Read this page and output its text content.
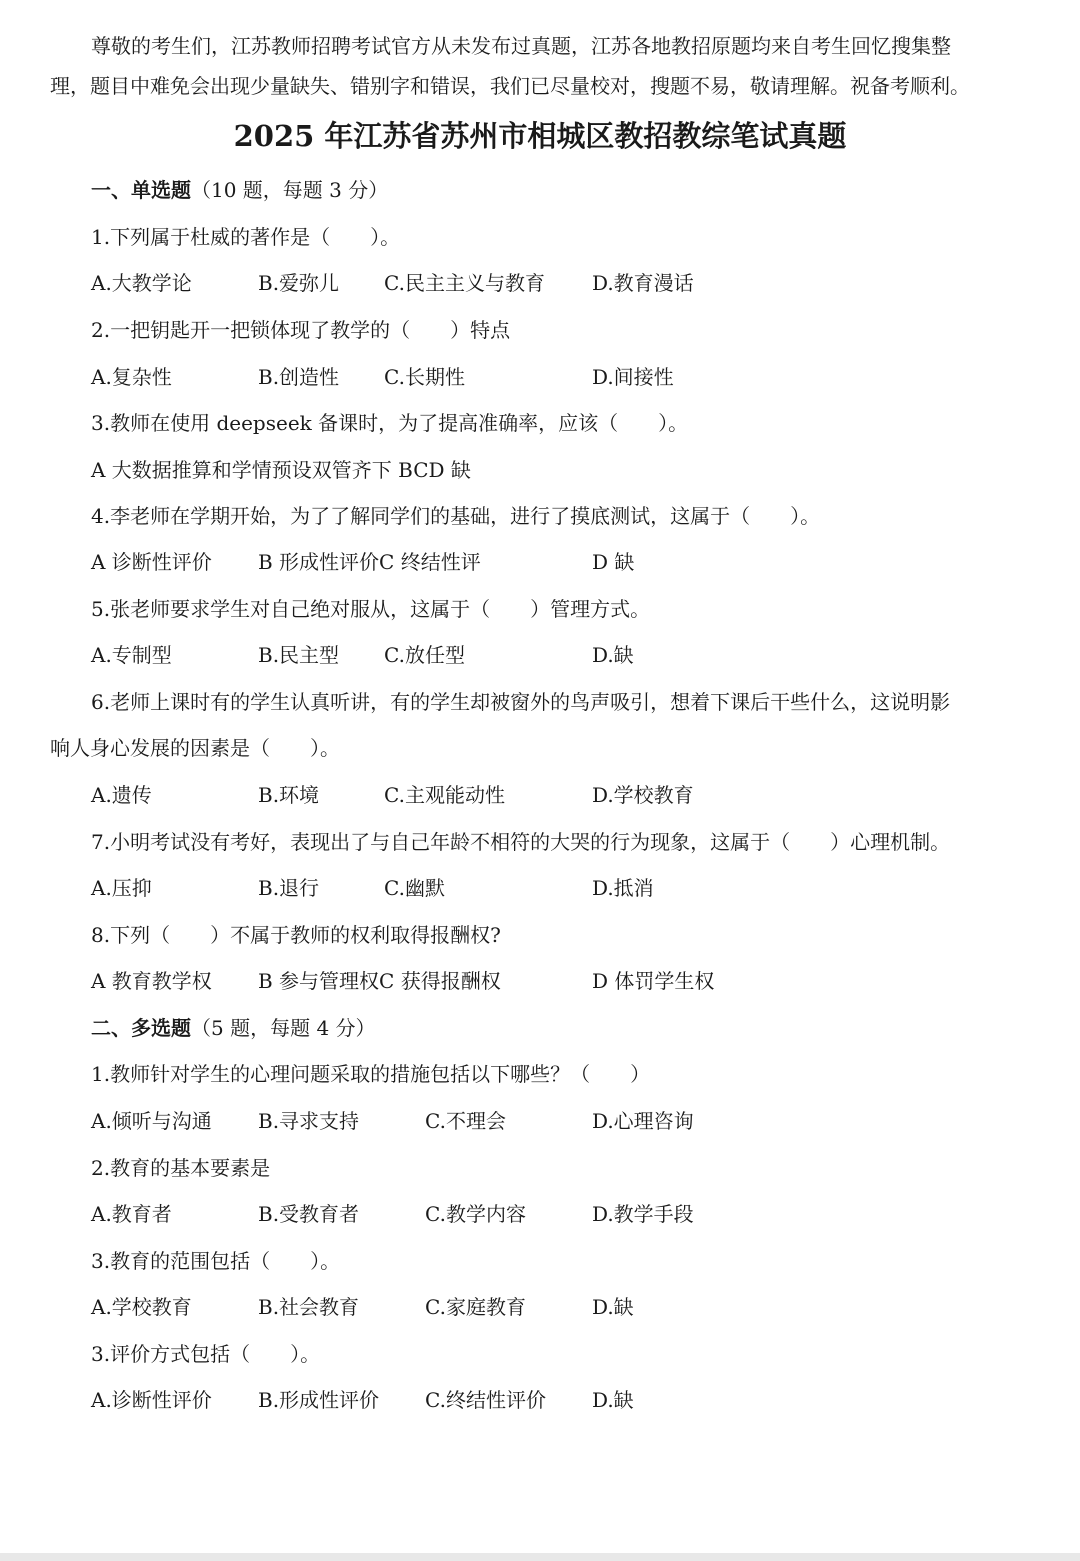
尊敬的考生们，江苏教师招聘考试官方从未发布过真题，江苏各地教招原题均来自考生回忆搜集整
理，题目中难免会出现少量缺失、错别字和错误，我们已尽量校对，搜题不易，敬请理解。祝备考顺利。
2025 年江苏省苏州市相城区教招教综笔试真题
一、单选题（10 题，每题 3 分）
1.下列属于杜威的著作是（　　）。
A.大教学论	B.爱弥儿 C.民主主义与教育 D.教育漫话
2.一把钥匙开一把锁体现了教学的（　　）特点
A.复杂性	B.创造性 C.长期性	D.间接性
3.教师在使用 deepseek 备课时，为了提高准确率，应该（　　）。
A 大数据推算和学情预设双管齐下 BCD 缺
4.李老师在学期开始，为了了解同学们的基础，进行了摸底测试，这属于（　　）。
A 诊断性评价 B 形成性评价C 终结性评	D 缺
5.张老师要求学生对自己绝对服从，这属于（　　）管理方式。
A.专制型	B.民主型 C.放任型	D.缺
6.老师上课时有的学生认真听讲，有的学生却被窗外的鸟声吸引，想着下课后干些什么，这说明影
响人身心发展的因素是（　　）。
A.遗传	B.环境	C.主观能动性	D.学校教育
7.小明考试没有考好，表现出了与自己年龄不相符的大哭的行为现象，这属于（　　）心理机制。
A.压抑	B.退行	C.幽默	D.抵消
8.下列（　　）不属于教师的权利取得报酬权?
A 教育教学权 B 参与管理权C 获得报酬权	D 体罚学生权
二、多选题（5 题，每题 4 分）
1.教师针对学生的心理问题采取的措施包括以下哪些？（　　）
A.倾听与沟通 B.寻求支持	C.不理会	D.心理咨询
2.教育的基本要素是
A.教育者	B.受教育者	C.教学内容	D.教学手段
3.教育的范围包括（　　）。
A.学校教育	B.社会教育	C.家庭教育	D.缺
3.评价方式包括（　　）。
A.诊断性评价 B.形成性评价 C.终结性评价 D.缺
